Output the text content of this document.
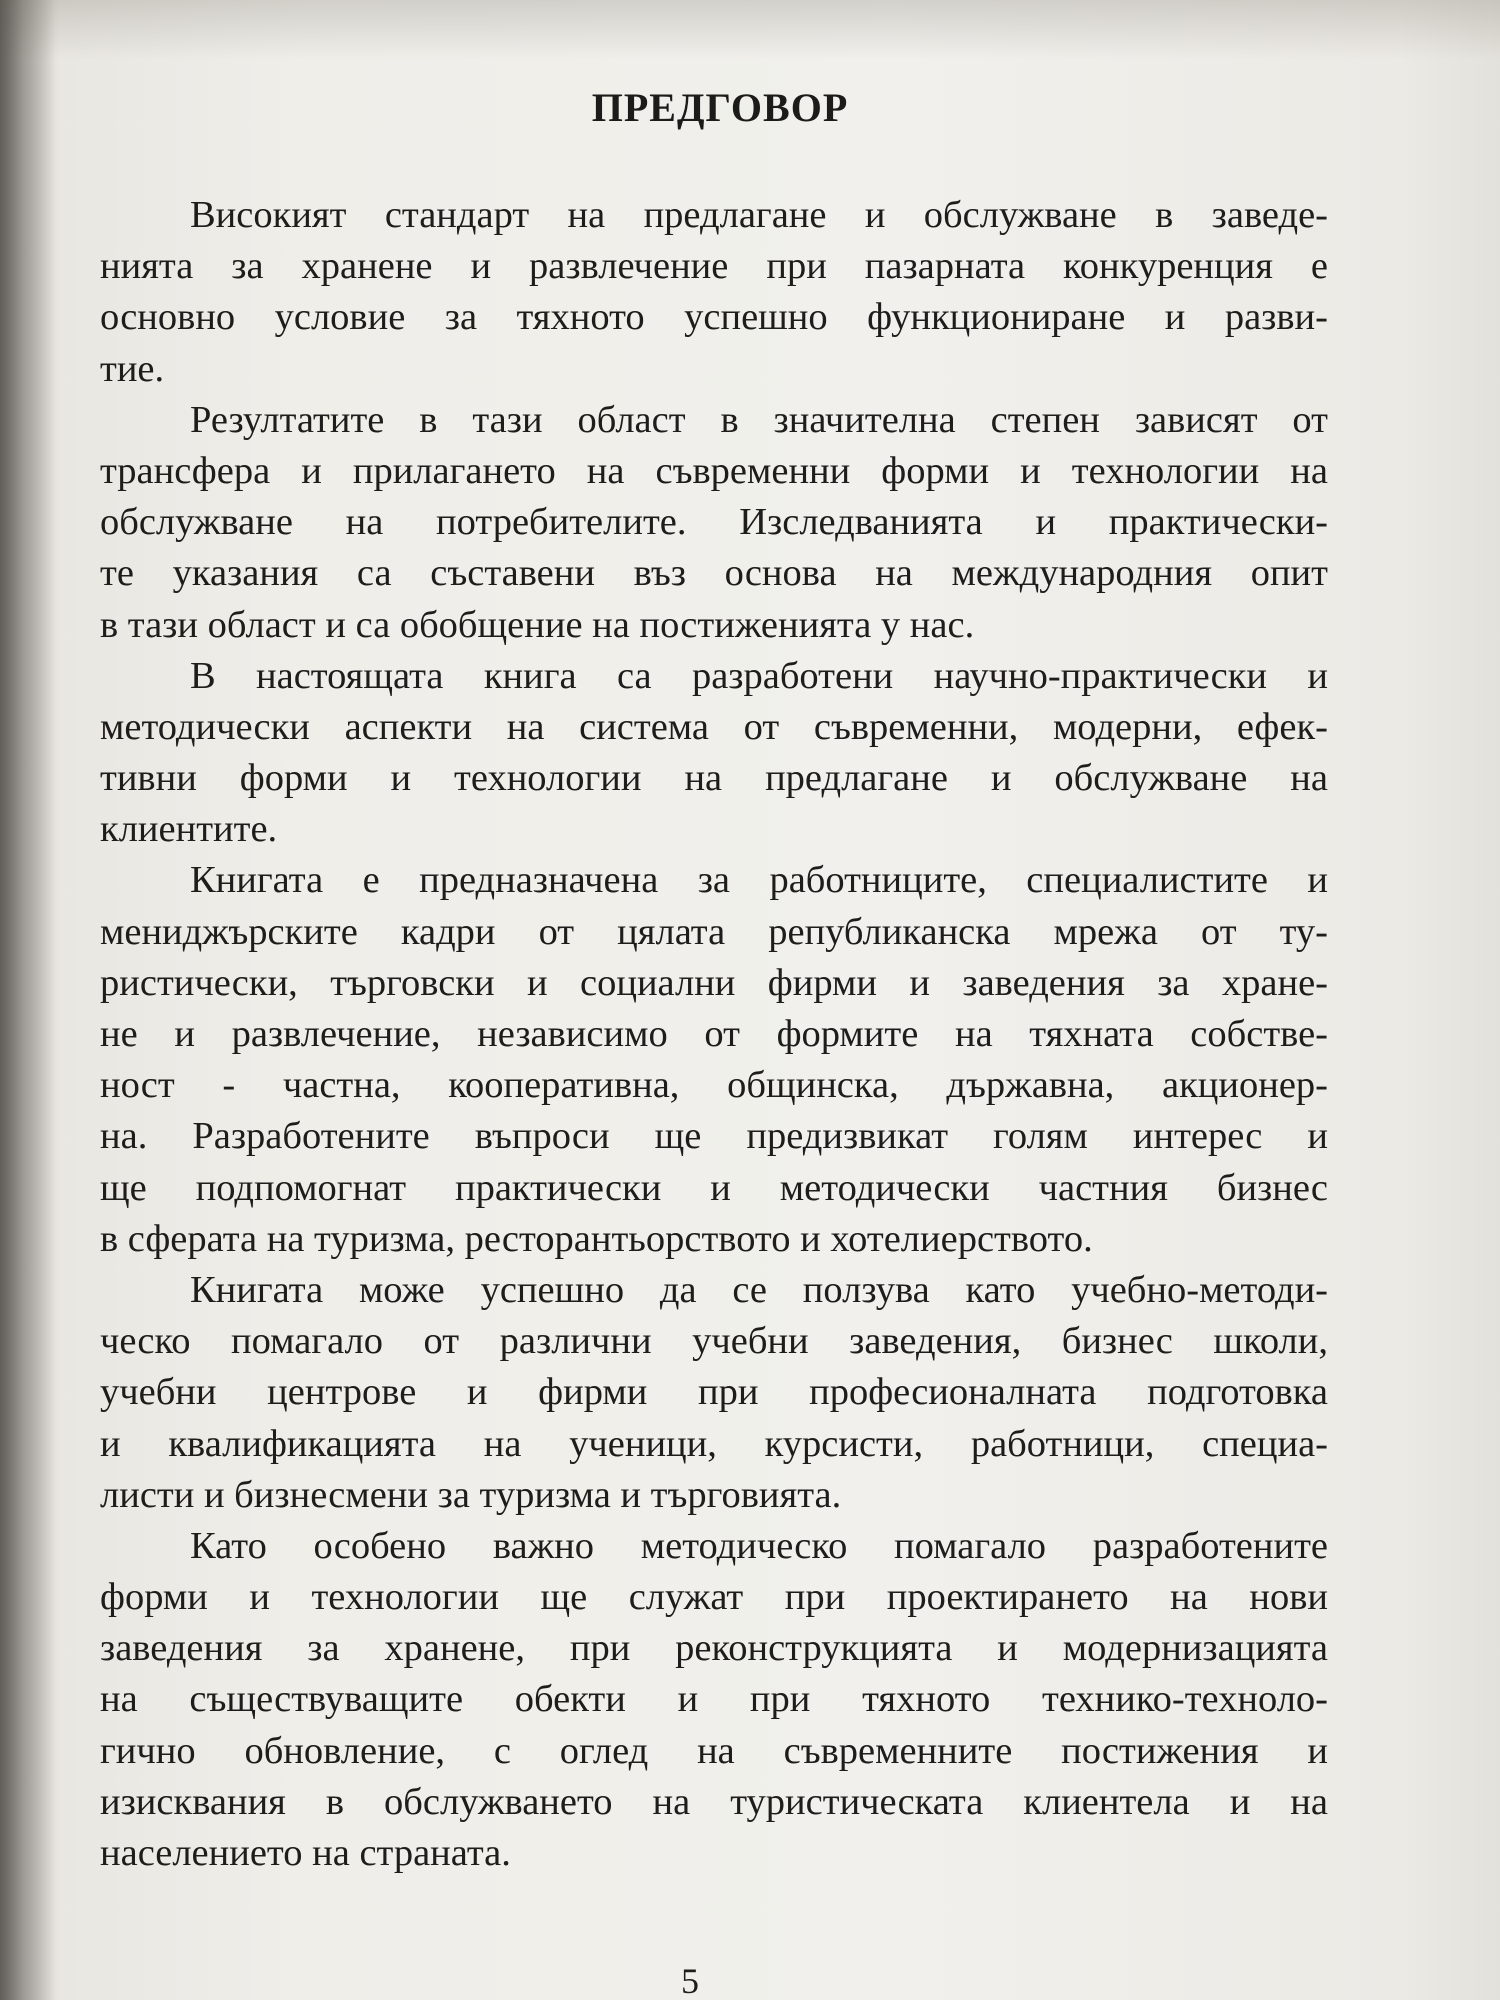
ПРЕДГОВОР
Високият стандарт на предлагане и обслужване в заведе-
нията за хранене и развлечение при пазарната конкуренция е
основно условие за тяхното успешно функциониране и разви-
тие.
Резултатите в тази област в значителна степен зависят от
трансфера и прилагането на съвременни форми и технологии на
обслужване на потребителите. Изследванията и практически-
те указания са съставени въз основа на международния опит
в тази област и са обобщение на постиженията у нас.
В настоящата книга са разработени научно-практически и
методически аспекти на система от съвременни, модерни, ефек-
тивни форми и технологии на предлагане и обслужване на
клиентите.
Книгата е предназначена за работниците, специалистите и
мениджърските кадри от цялата републиканска мрежа от ту-
ристически, търговски и социални фирми и заведения за хране-
не и развлечение, независимо от формите на тяхната собстве-
ност - частна, кооперативна, общинска, държавна, акционер-
на. Разработените въпроси ще предизвикат голям интерес и
ще подпомогнат практически и методически частния бизнес
в сферата на туризма, ресторантьорството и хотелиерството.
Книгата може успешно да се ползува като учебно-методи-
ческо помагало от различни учебни заведения, бизнес школи,
учебни центрове и фирми при професионалната подготовка
и квалификацията на ученици, курсисти, работници, специа-
листи и бизнесмени за туризма и търговията.
Като особено важно методическо помагало разработените
форми и технологии ще служат при проектирането на нови
заведения за хранене, при реконструкцията и модернизацията
на съществуващите обекти и при тяхното технико-техноло-
гично обновление, с оглед на съвременните постижения и
изисквания в обслужването на туристическата клиентела и на
населението на страната.
5
